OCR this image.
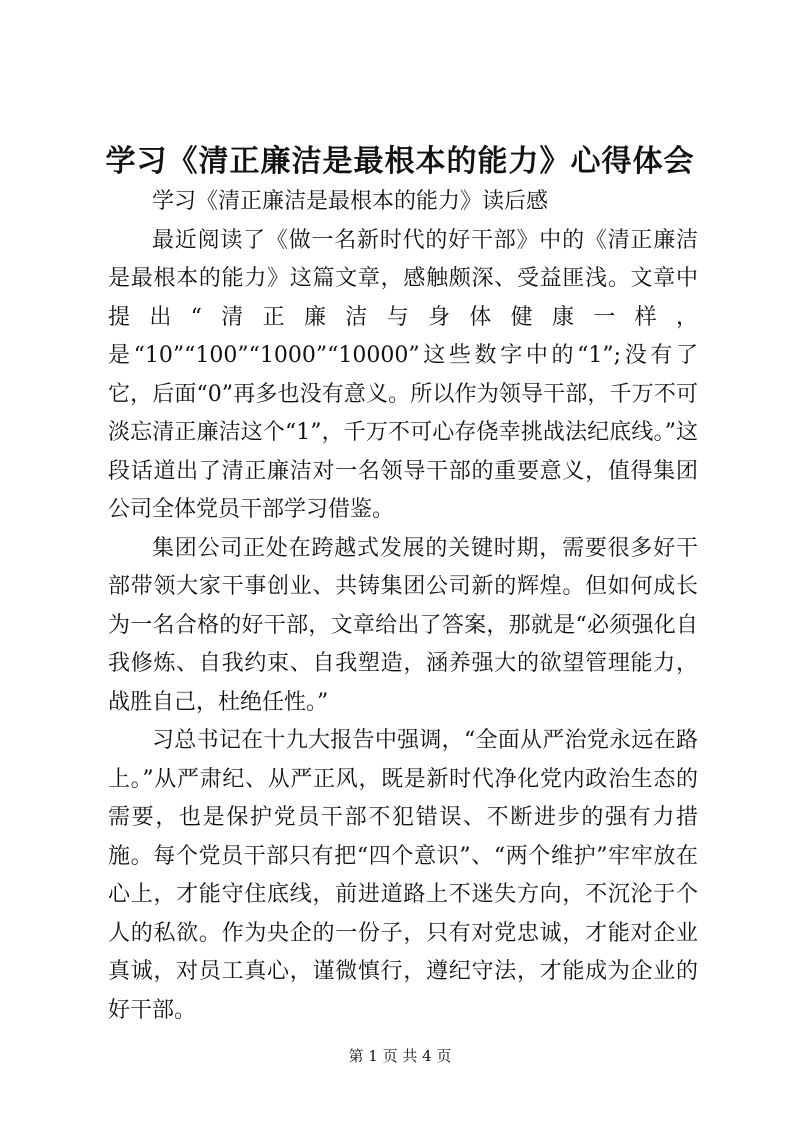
学习《清正廉洁是最根本的能力》心得体会

学习《清正廉洁是最根本的能力》读后感

最近阅读了《做一名新时代的好干部》中的《清正廉洁是最根本的能力》这篇文章，感触颇深、受益匪浅。文章中提出“清正廉洁与身体健康一样，是“10”“100”“1000”“10000”这些数字中的“1”;没有了它，后面“0”再多也没有意义。所以作为领导干部，千万不可淡忘清正廉洁这个“1”，千万不可心存侥幸挑战法纪底线。”这段话道出了清正廉洁对一名领导干部的重要意义，值得集团公司全体党员干部学习借鉴。

集团公司正处在跨越式发展的关键时期，需要很多好干部带领大家干事创业、共铸集团公司新的辉煌。但如何成长为一名合格的好干部，文章给出了答案，那就是“必须强化自我修炼、自我约束、自我塑造，涵养强大的欲望管理能力，战胜自己，杜绝任性。”

习总书记在十九大报告中强调，“全面从严治党永远在路上。”从严肃纪、从严正风，既是新时代净化党内政治生态的需要，也是保护党员干部不犯错误、不断进步的强有力措施。每个党员干部只有把“四个意识”、“两个维护”牢牢放在心上，才能守住底线，前进道路上不迷失方向，不沉沦于个人的私欲。作为央企的一份子，只有对党忠诚，才能对企业真诚，对员工真心，谨微慎行，遵纪守法，才能成为企业的好干部。

第 1 页 共 4 页
